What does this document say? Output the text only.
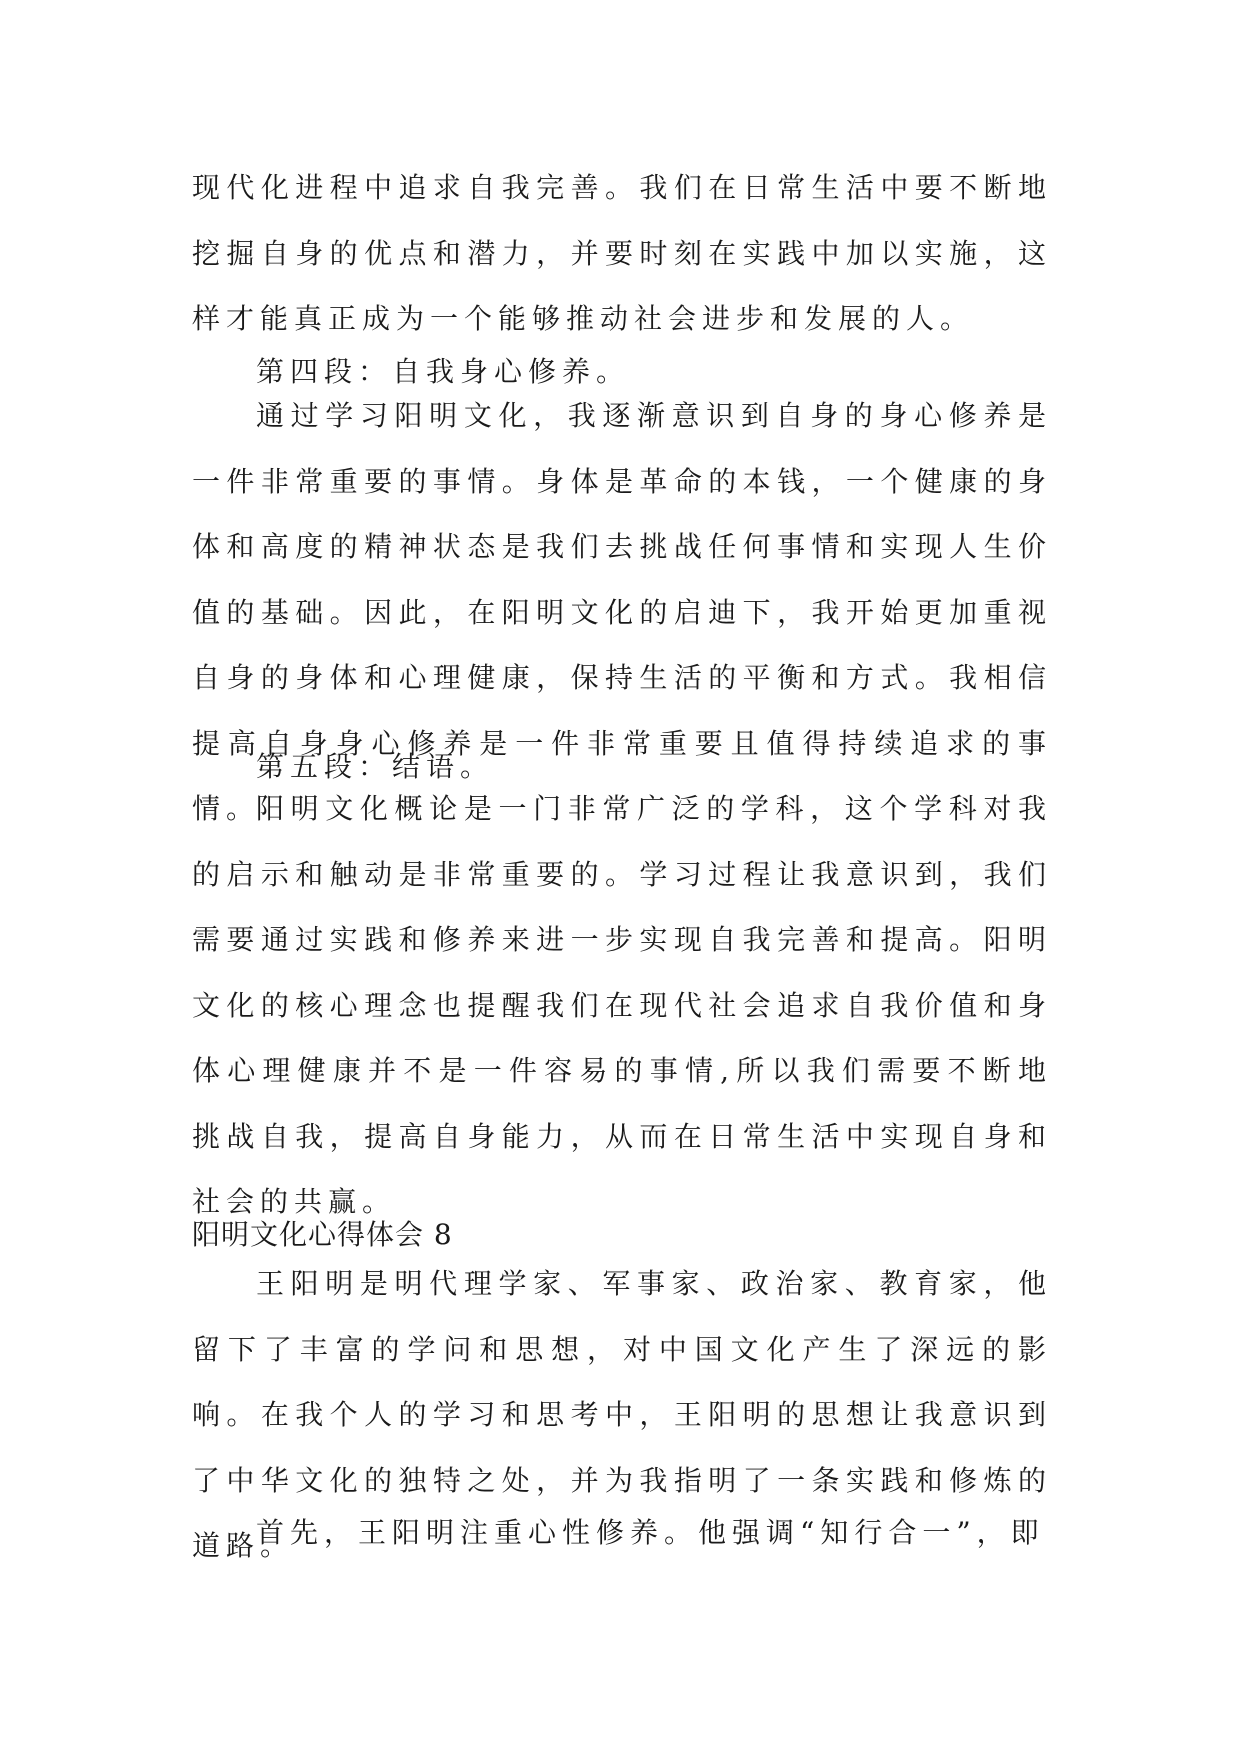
现代化进程中追求自我完善。我们在日常生活中要不断地挖掘自身的优点和潜力，并要时刻在实践中加以实施，这样才能真正成为一个能够推动社会进步和发展的人。

第四段：自我身心修养。

通过学习阳明文化，我逐渐意识到自身的身心修养是一件非常重要的事情。身体是革命的本钱，一个健康的身体和高度的精神状态是我们去挑战任何事情和实现人生价值的基础。因此，在阳明文化的启迪下，我开始更加重视自身的身体和心理健康，保持生活的平衡和方式。我相信提高自身身心修养是一件非常重要且值得持续追求的事情。

第五段：结语。

阳明文化概论是一门非常广泛的学科，这个学科对我的启示和触动是非常重要的。学习过程让我意识到，我们需要通过实践和修养来进一步实现自我完善和提高。阳明文化的核心理念也提醒我们在现代社会追求自我价值和身体心理健康并不是一件容易的事情,所以我们需要不断地挑战自我，提高自身能力，从而在日常生活中实现自身和社会的共赢。

阳明文化心得体会 8

王阳明是明代理学家、军事家、政治家、教育家，他留下了丰富的学问和思想，对中国文化产生了深远的影响。在我个人的学习和思考中，王阳明的思想让我意识到了中华文化的独特之处，并为我指明了一条实践和修炼的道路。

首先，王阳明注重心性修养。他强调“知行合一”，即
